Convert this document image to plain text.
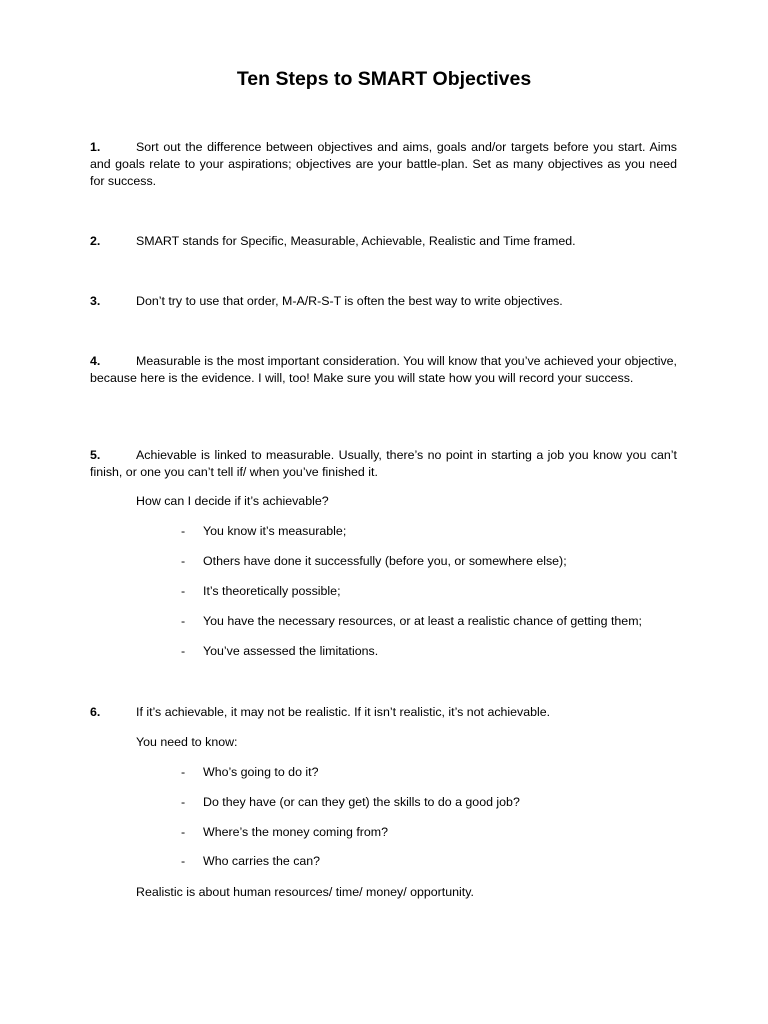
Ten Steps to SMART Objectives
1.	Sort out the difference between objectives and aims, goals and/or targets before you start. Aims and goals relate to your aspirations; objectives are your battle-plan. Set as many objectives as you need for success.
2.	SMART stands for Specific, Measurable, Achievable, Realistic and Time framed.
3.	Don’t try to use that order, M-A/R-S-T is often the best way to write objectives.
4.	Measurable is the most important consideration. You will know that you’ve achieved your objective, because here is the evidence. I will, too! Make sure you will state how you will record your success.
5.	Achievable is linked to measurable. Usually, there’s no point in starting a job you know you can’t finish, or one you can’t tell if/ when you’ve finished it.
How can I decide if it’s achievable?
- You know it’s measurable;
- Others have done it successfully (before you, or somewhere else);
- It’s theoretically possible;
- You have the necessary resources, or at least a realistic chance of getting them;
- You’ve assessed the limitations.
6.	If it’s achievable, it may not be realistic. If it isn’t realistic, it’s not achievable.
You need to know:
- Who’s going to do it?
- Do they have (or can they get) the skills to do a good job?
- Where’s the money coming from?
- Who carries the can?
Realistic is about human resources/ time/ money/ opportunity.
